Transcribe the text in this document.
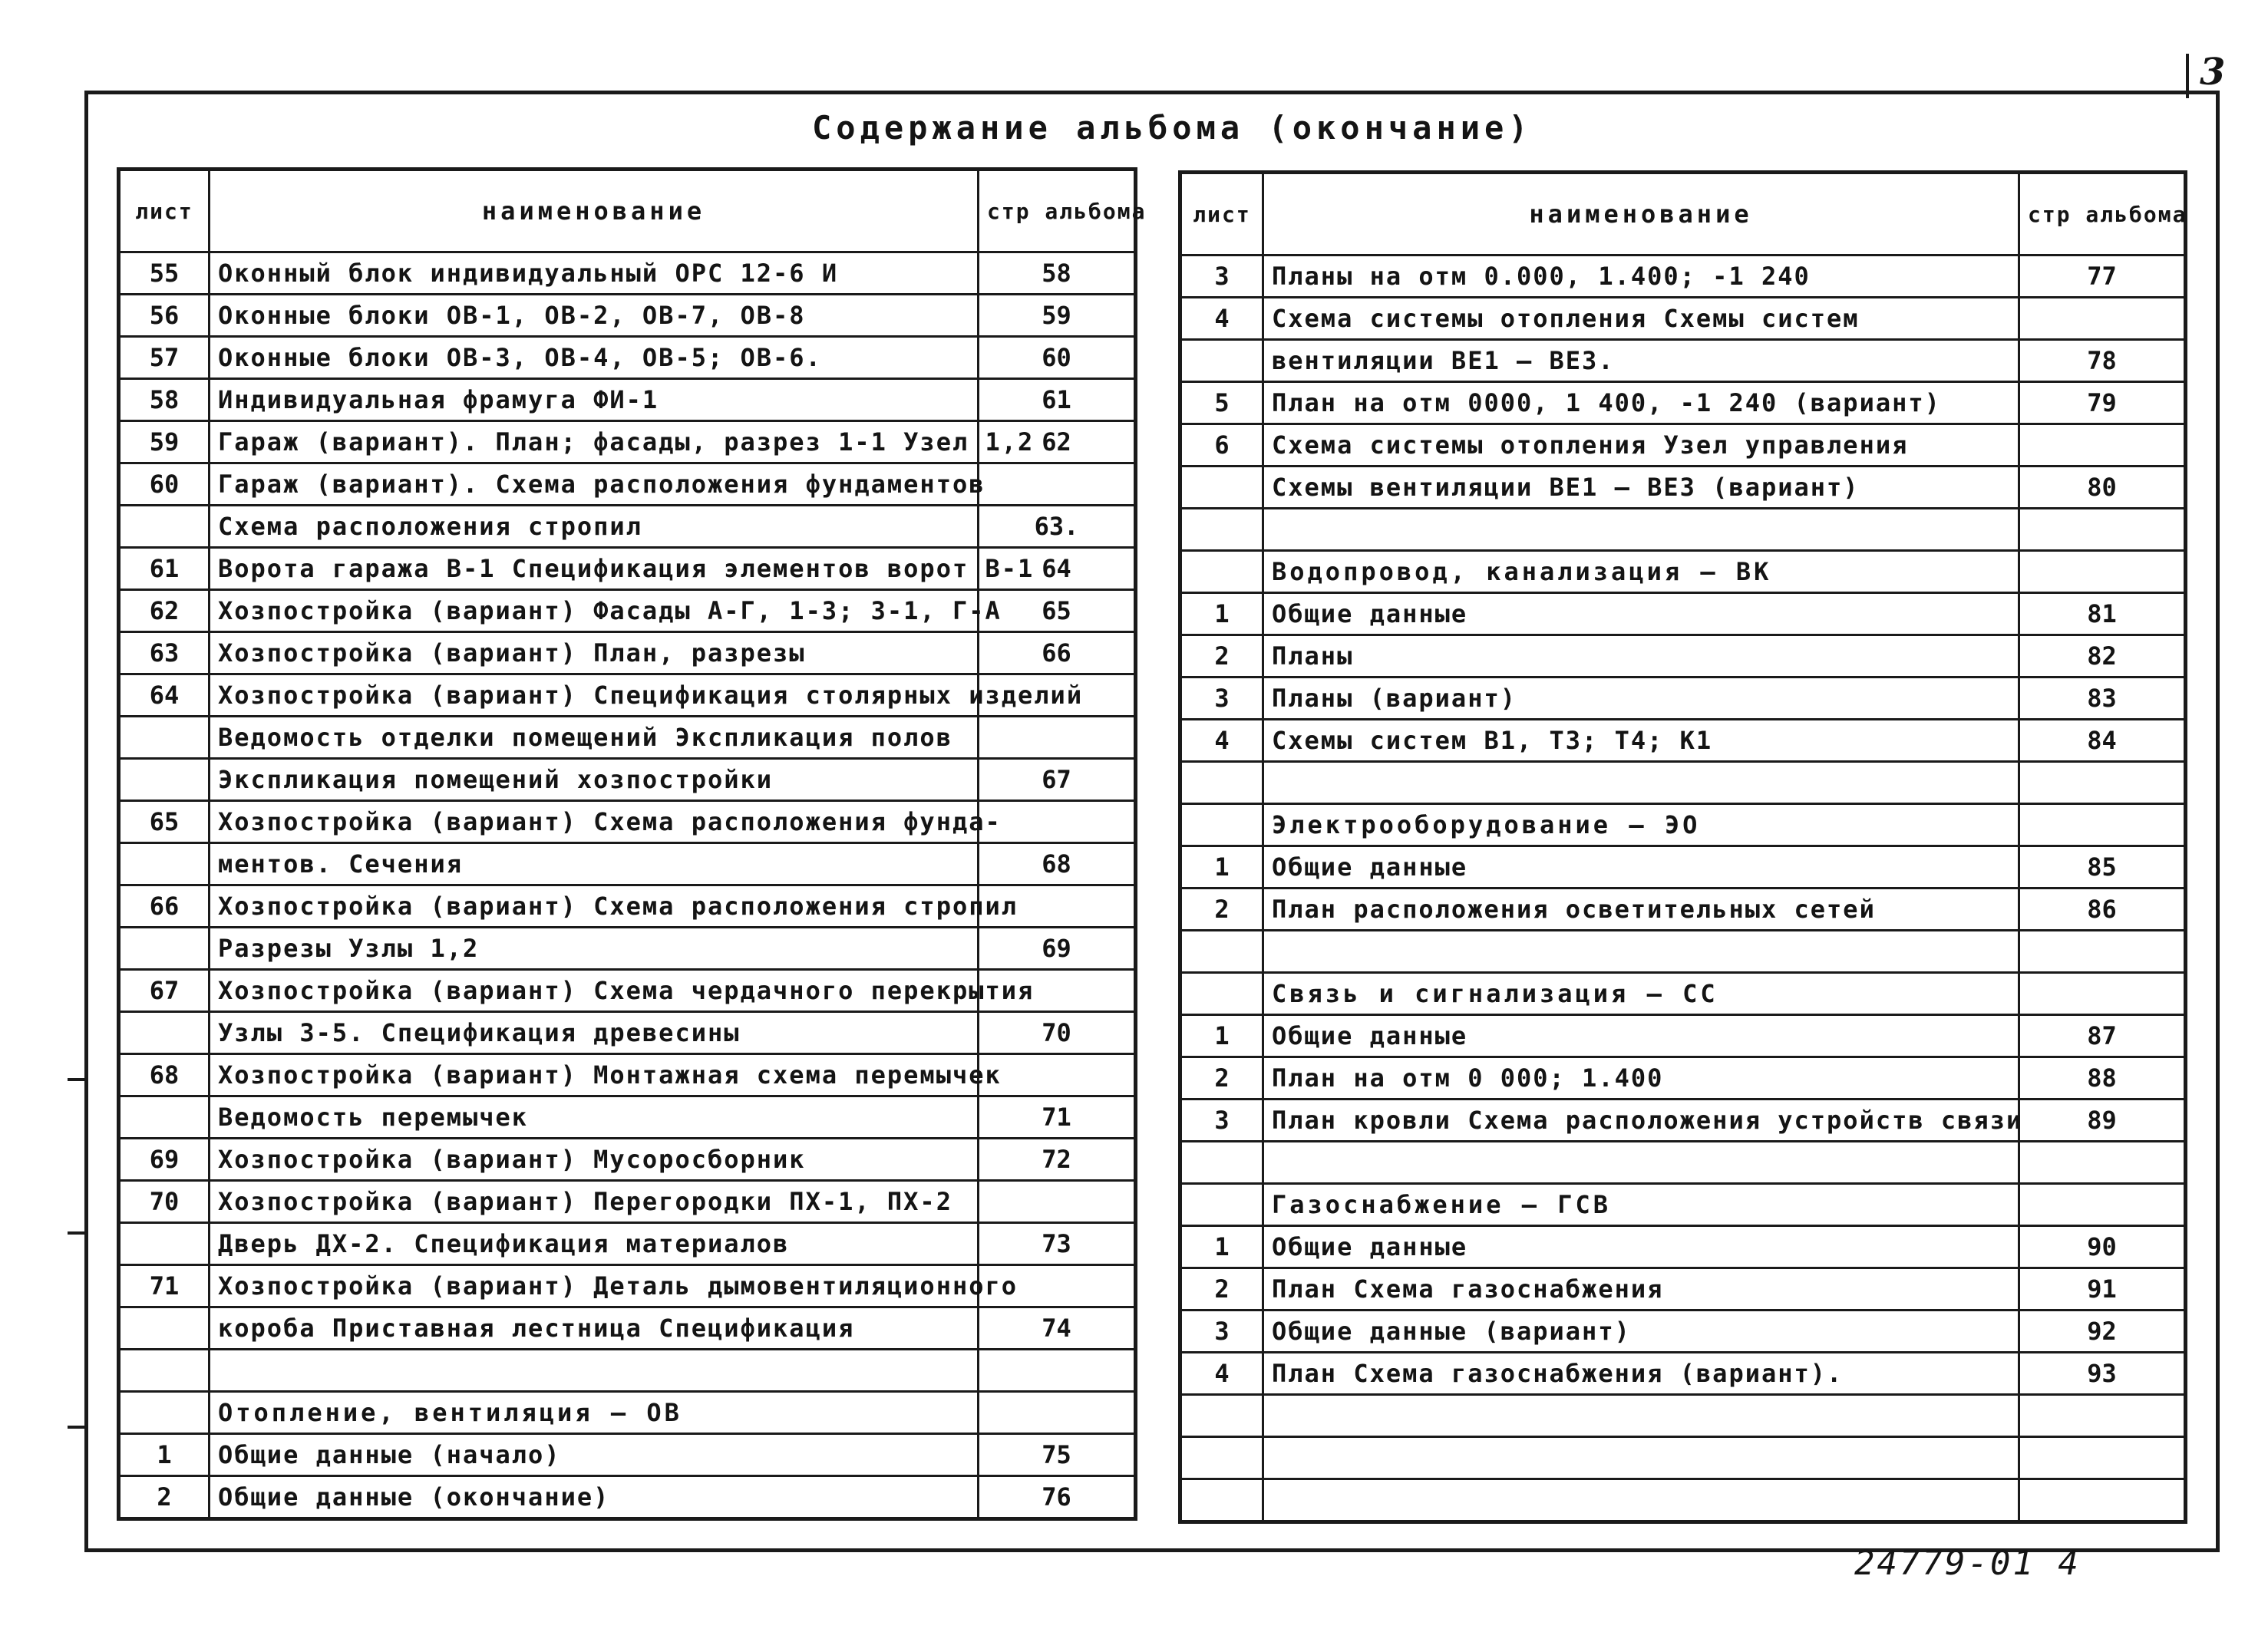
3
Содержание альбома (окончание)
лист	наименование	стр альбома
55	Оконный блок индивидуальный ОРС 12-6 И	58
56	Оконные блоки ОВ-1, ОВ-2, ОВ-7, ОВ-8	59
57	Оконные блоки ОВ-3, ОВ-4, ОВ-5; ОВ-6.	60
58	Индивидуальная фрамуга ФИ-1	61
59	Гараж (вариант). План; фасады, разрез 1-1 Узел 1,2	62
60	Гараж (вариант). Схема расположения фундаментов	
	Схема расположения стропил	63.
61	Ворота гаража В-1 Спецификация элементов ворот В-1	64
62	Хозпостройка (вариант) Фасады А-Г, 1-3; 3-1, Г-А	65
63	Хозпостройка (вариант) План, разрезы	66
64	Хозпостройка (вариант) Спецификация столярных изделий	
	Ведомость отделки помещений Экспликация полов	
	Экспликация помещений хозпостройки	67
65	Хозпостройка (вариант) Схема расположения фунда-	
	ментов. Сечения	68
66	Хозпостройка (вариант) Схема расположения стропил	
	Разрезы Узлы 1,2	69
67	Хозпостройка (вариант) Схема чердачного перекрытия	
	Узлы 3-5. Спецификация древесины	70
68	Хозпостройка (вариант) Монтажная схема перемычек	
	Ведомость перемычек	71
69	Хозпостройка (вариант) Мусоросборник	72
70	Хозпостройка (вариант) Перегородки ПХ-1, ПХ-2	
	Дверь ДХ-2. Спецификация материалов	73
71	Хозпостройка (вариант) Деталь дымовентиляционного	
	короба Приставная лестница Спецификация	74

	Отопление, вентиляция — ОВ	
1	Общие данные (начало)	75
2	Общие данные (окончание)	76
лист	наименование	стр альбома
3	Планы на отм 0.000, 1.400; -1 240	77
4	Схема системы отопления Схемы систем	
	вентиляции ВЕ1 — ВЕ3.	78
5	План на отм 0000, 1 400, -1 240 (вариант)	79
6	Схема системы отопления Узел управления	
	Схемы вентиляции ВЕ1 — ВЕ3 (вариант)	80

	Водопровод, канализация — ВК	
1	Общие данные	81
2	Планы	82
3	Планы (вариант)	83
4	Схемы систем В1, Т3; Т4; К1	84

	Электрооборудование — ЭО	
1	Общие данные	85
2	План расположения осветительных сетей	86

	Связь и сигнализация — СС	
1	Общие данные	87
2	План на отм 0 000; 1.400	88
3	План кровли Схема расположения устройств связи	89

	Газоснабжение — ГСВ	
1	Общие данные	90
2	План Схема газоснабжения	91
3	Общие данные (вариант)	92
4	План Схема газоснабжения (вариант).	93

24779-01 4
